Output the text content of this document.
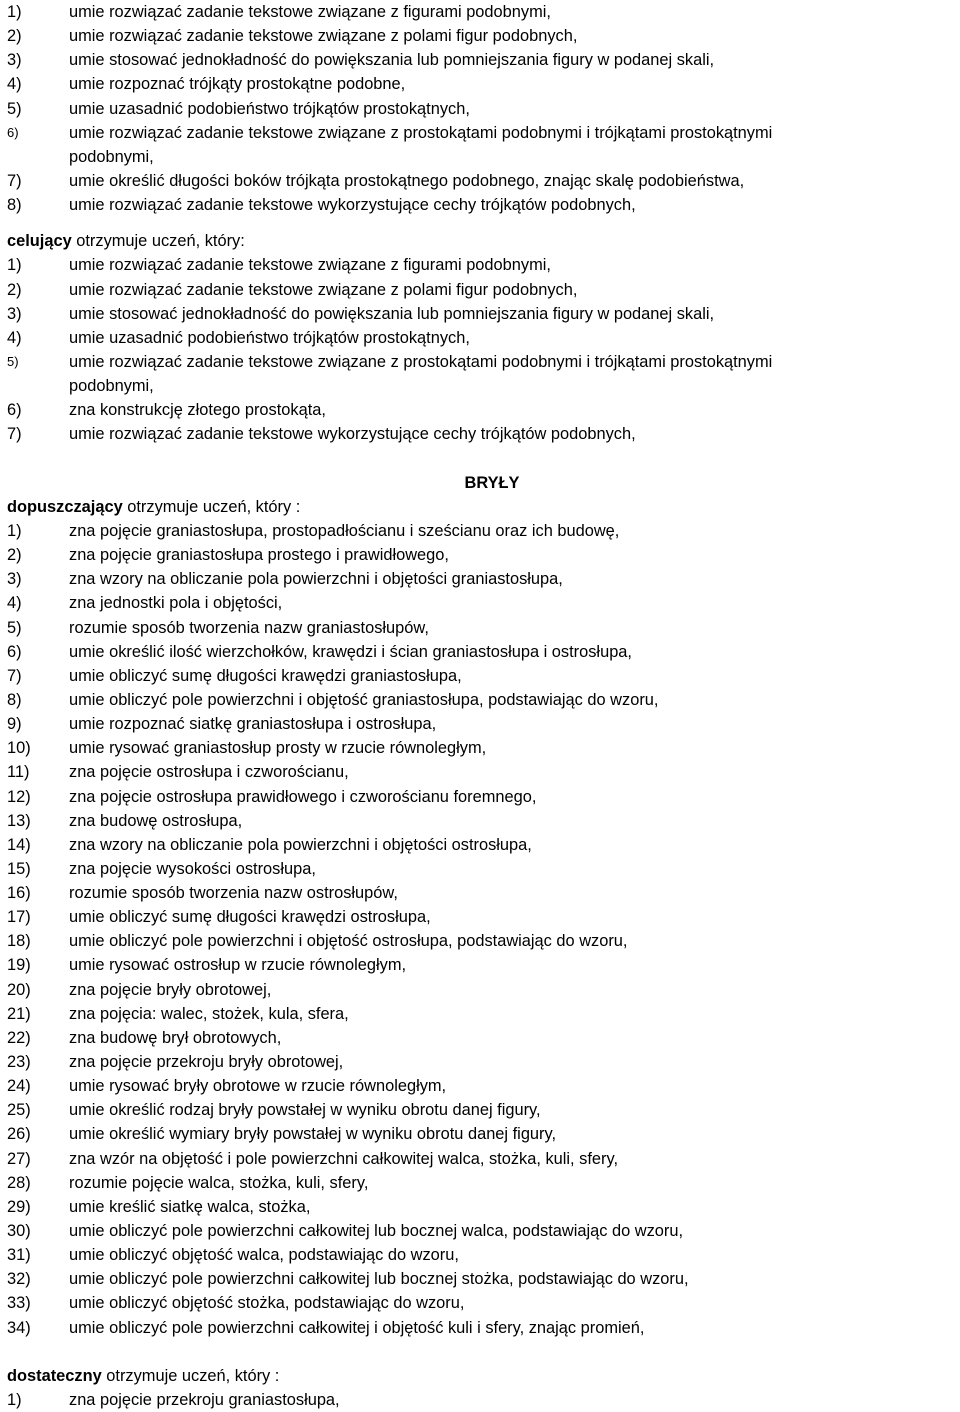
1)	umie rozwiązać zadanie tekstowe związane z figurami podobnymi,
2)	umie rozwiązać zadanie tekstowe związane z polami figur podobnych,
3)	umie stosować jednokładność do powiększania lub pomniejszania figury w podanej skali,
4)	umie rozpoznać trójkąty prostokątne podobne,
5)	umie uzasadnić podobieństwo trójkątów prostokątnych,
6)	umie rozwiązać zadanie tekstowe związane z prostokątami podobnymi i trójkątami prostokątnymi
podobnymi,
7)	umie określić długości boków trójkąta prostokątnego podobnego, znając skalę podobieństwa,
8)	umie rozwiązać zadanie tekstowe wykorzystujące cechy trójkątów podobnych,
celujący otrzymuje uczeń, który:
1)	umie rozwiązać zadanie tekstowe związane z figurami podobnymi,
2)	umie rozwiązać zadanie tekstowe związane z polami figur podobnych,
3)	umie stosować jednokładność do powiększania lub pomniejszania figury w podanej skali,
4)	umie uzasadnić podobieństwo trójkątów prostokątnych,
5)	umie rozwiązać zadanie tekstowe związane z prostokątami podobnymi i trójkątami prostokątnymi
podobnymi,
6)	zna konstrukcję złotego prostokąta,
7)	umie rozwiązać zadanie tekstowe wykorzystujące cechy trójkątów podobnych,
BRYŁY
dopuszczający otrzymuje uczeń, który :
1)	zna pojęcie graniastosłupa, prostopadłościanu i sześcianu oraz ich budowę,
2)	zna pojęcie graniastosłupa prostego i prawidłowego,
3)	zna wzory na obliczanie pola powierzchni i objętości graniastosłupa,
4)	zna jednostki pola i objętości,
5)	rozumie sposób tworzenia nazw graniastosłupów,
6)	umie określić ilość wierzchołków, krawędzi i ścian graniastosłupa i ostrosłupa,
7)	umie obliczyć sumę długości krawędzi graniastosłupa,
8)	umie obliczyć pole powierzchni i objętość graniastosłupa, podstawiając do wzoru,
9)	umie rozpoznać siatkę graniastosłupa i ostrosłupa,
10) umie rysować graniastosłup prosty w rzucie równoległym,
11) zna pojęcie ostrosłupa i czworościanu,
12) zna pojęcie ostrosłupa prawidłowego i czworościanu foremnego,
13) zna budowę ostrosłupa,
14) zna wzory na obliczanie pola powierzchni i objętości ostrosłupa,
15) zna pojęcie wysokości ostrosłupa,
16) rozumie sposób tworzenia nazw ostrosłupów,
17) umie obliczyć sumę długości krawędzi ostrosłupa,
18) umie obliczyć pole powierzchni i objętość ostrosłupa, podstawiając do wzoru,
19) umie rysować ostrosłup w rzucie równoległym,
20) zna pojęcie bryły obrotowej,
21) zna pojęcia: walec, stożek, kula, sfera,
22) zna budowę brył obrotowych,
23) zna pojęcie przekroju bryły obrotowej,
24) umie rysować bryły obrotowe w rzucie równoległym,
25) umie określić rodzaj bryły powstałej w wyniku obrotu danej figury,
26) umie określić wymiary bryły powstałej w wyniku obrotu danej figury,
27) zna wzór na objętość i pole powierzchni całkowitej walca, stożka, kuli, sfery,
28) rozumie pojęcie walca, stożka, kuli, sfery,
29) umie kreślić siatkę walca, stożka,
30) umie obliczyć pole powierzchni całkowitej lub bocznej walca, podstawiając do wzoru,
31) umie obliczyć objętość walca, podstawiając do wzoru,
32) umie obliczyć pole powierzchni całkowitej lub bocznej stożka, podstawiając do wzoru,
33) umie obliczyć objętość stożka, podstawiając do wzoru,
34) umie obliczyć pole powierzchni całkowitej i objętość kuli i sfery, znając promień,
dostateczny otrzymuje uczeń, który :
1)	zna pojęcie przekroju graniastosłupa,
